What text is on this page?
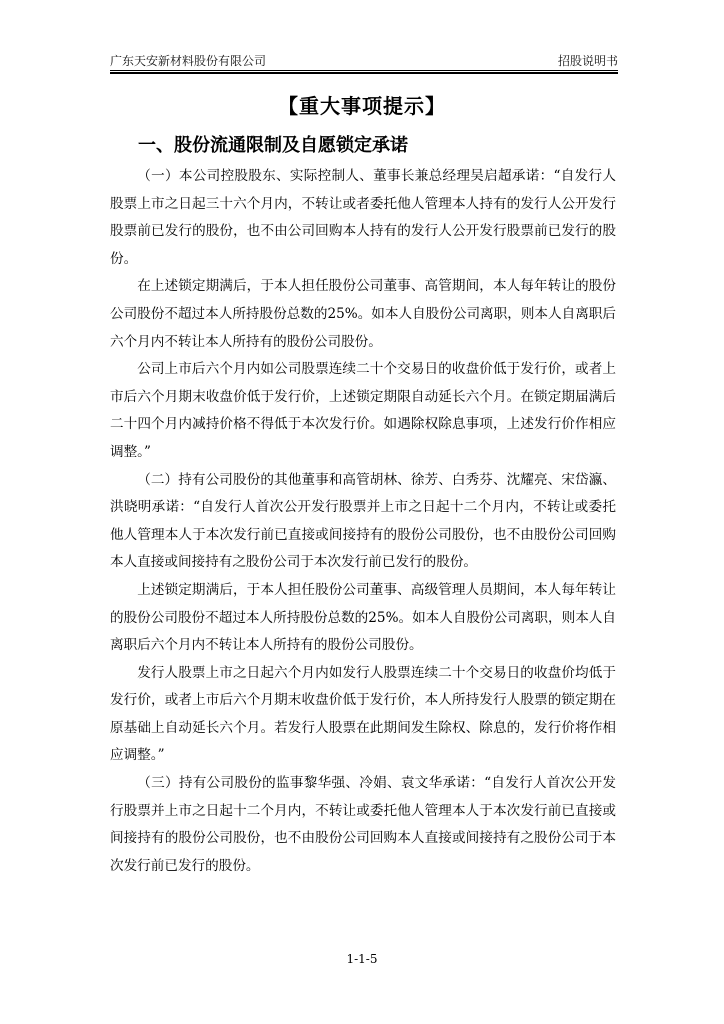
广东天安新材料股份有限公司	招股说明书
【重大事项提示】
一、股份流通限制及自愿锁定承诺

（一）本公司控股股东、实际控制人、董事长兼总经理吴启超承诺：“自发行人股票上市之日起三十六个月内，不转让或者委托他人管理本人持有的发行人公开发行股票前已发行的股份，也不由公司回购本人持有的发行人公开发行股票前已发行的股份。

在上述锁定期满后，于本人担任股份公司董事、高管期间，本人每年转让的股份公司股份不超过本人所持股份总数的25%。如本人自股份公司离职，则本人自离职后六个月内不转让本人所持有的股份公司股份。

公司上市后六个月内如公司股票连续二十个交易日的收盘价低于发行价，或者上市后六个月期末收盘价低于发行价，上述锁定期限自动延长六个月。在锁定期届满后二十四个月内减持价格不得低于本次发行价。如遇除权除息事项，上述发行价作相应调整。”

（二）持有公司股份的其他董事和高管胡林、徐芳、白秀芬、沈耀亮、宋岱瀛、洪晓明承诺：“自发行人首次公开发行股票并上市之日起十二个月内，不转让或委托他人管理本人于本次发行前已直接或间接持有的股份公司股份，也不由股份公司回购本人直接或间接持有之股份公司于本次发行前已发行的股份。

上述锁定期满后，于本人担任股份公司董事、高级管理人员期间，本人每年转让的股份公司股份不超过本人所持股份总数的25%。如本人自股份公司离职，则本人自离职后六个月内不转让本人所持有的股份公司股份。

发行人股票上市之日起六个月内如发行人股票连续二十个交易日的收盘价均低于发行价，或者上市后六个月期末收盘价低于发行价，本人所持发行人股票的锁定期在原基础上自动延长六个月。若发行人股票在此期间发生除权、除息的，发行价将作相应调整。”

（三）持有公司股份的监事黎华强、冷娟、袁文华承诺：“自发行人首次公开发行股票并上市之日起十二个月内，不转让或委托他人管理本人于本次发行前已直接或间接持有的股份公司股份，也不由股份公司回购本人直接或间接持有之股份公司于本次发行前已发行的股份。

1-1-5
